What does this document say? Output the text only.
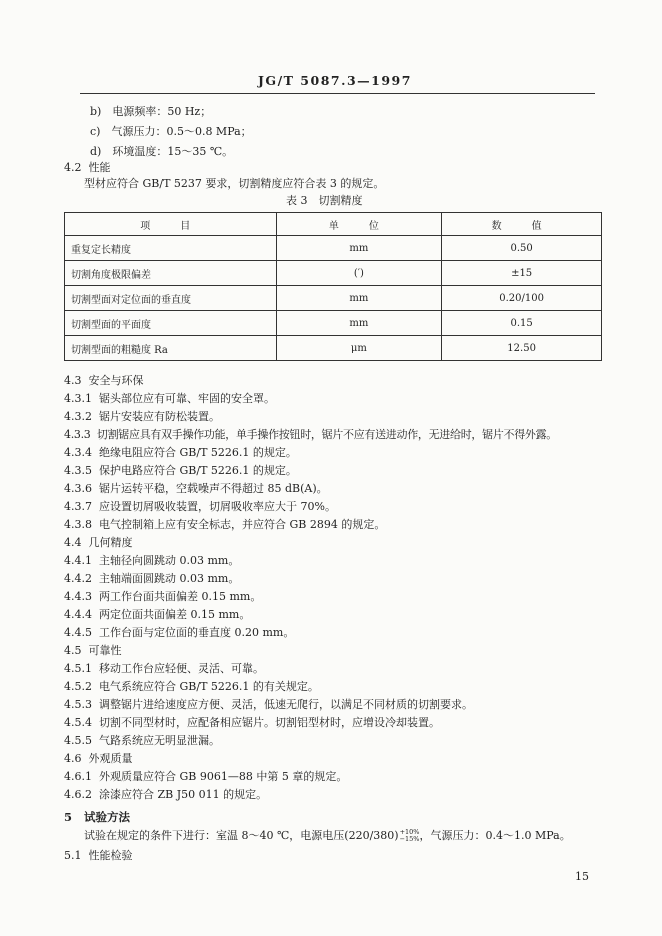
JG/T 5087.3—1997
b)　电源频率：50 Hz；
c)　气源压力：0.5～0.8 MPa；
d)　环境温度：15～35 ℃。
4.2 性能
型材应符合 GB/T 5237 要求，切割精度应符合表 3 的规定。
表 3　切割精度
项　目	单　位	数　值
重复定长精度	mm	0.50
切割角度极限偏差	(′)	±15
切割型面对定位面的垂直度	mm	0.20/100
切割型面的平面度	mm	0.15
切割型面的粗糙度 Ra	μm	12.50
4.3 安全与环保
4.3.1 锯头部位应有可靠、牢固的安全罩。
4.3.2 锯片安装应有防松装置。
4.3.3 切割锯应具有双手操作功能，单手操作按钮时，锯片不应有送进动作，无进给时，锯片不得外露。
4.3.4 绝缘电阻应符合 GB/T 5226.1 的规定。
4.3.5 保护电路应符合 GB/T 5226.1 的规定。
4.3.6 锯片运转平稳，空载噪声不得超过 85 dB(A)。
4.3.7 应设置切屑吸收装置，切屑吸收率应大于 70%。
4.3.8 电气控制箱上应有安全标志，并应符合 GB 2894 的规定。
4.4 几何精度
4.4.1 主轴径向圆跳动 0.03 mm。
4.4.2 主轴端面圆跳动 0.03 mm。
4.4.3 两工作台面共面偏差 0.15 mm。
4.4.4 两定位面共面偏差 0.15 mm。
4.4.5 工作台面与定位面的垂直度 0.20 mm。
4.5 可靠性
4.5.1 移动工作台应轻便、灵活、可靠。
4.5.2 电气系统应符合 GB/T 5226.1 的有关规定。
4.5.3 调整锯片进给速度应方便、灵活，低速无爬行，以满足不同材质的切割要求。
4.5.4 切割不同型材时，应配备相应锯片。切割铝型材时，应增设冷却装置。
4.5.5 气路系统应无明显泄漏。
4.6 外观质量
4.6.1 外观质量应符合 GB 9061—88 中第 5 章的规定。
4.6.2 涂漆应符合 ZB J50 011 的规定。
5 试验方法
试验在规定的条件下进行：室温 8～40 ℃，电源电压(220/380) +10%
−15% ，气源压力：0.4～1.0 MPa。
5.1 性能检验
15
